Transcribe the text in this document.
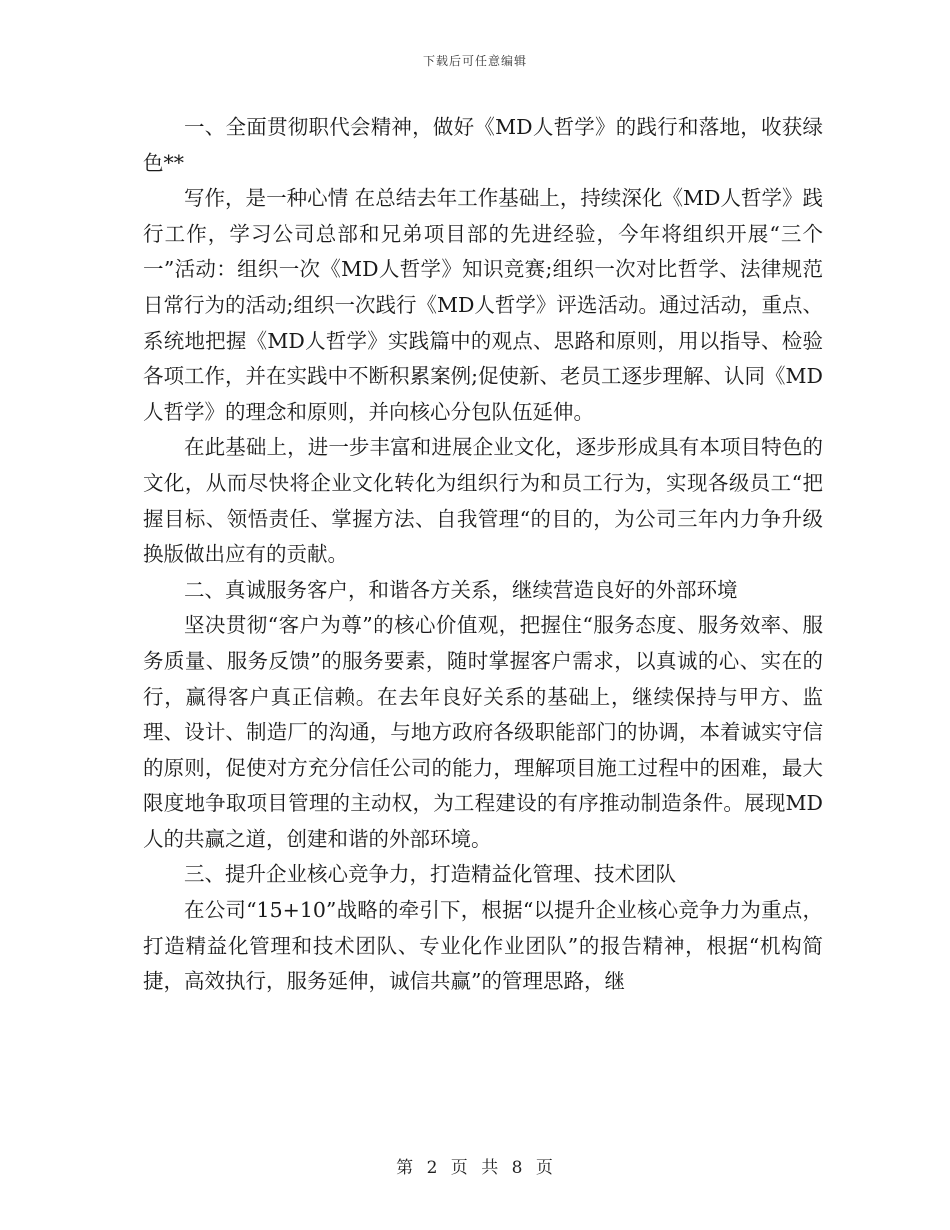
下载后可任意编辑

一、全面贯彻职代会精神，做好《MD人哲学》的践行和落地，收获绿色**

写作，是一种心情 在总结去年工作基础上，持续深化《MD人哲学》践行工作，学习公司总部和兄弟项目部的先进经验，今年将组织开展“三个一”活动：组织一次《MD人哲学》知识竞赛;组织一次对比哲学、法律规范日常行为的活动;组织一次践行《MD人哲学》评选活动。通过活动，重点、系统地把握《MD人哲学》实践篇中的观点、思路和原则，用以指导、检验各项工作，并在实践中不断积累案例;促使新、老员工逐步理解、认同《MD人哲学》的理念和原则，并向核心分包队伍延伸。

在此基础上，进一步丰富和进展企业文化，逐步形成具有本项目特色的文化，从而尽快将企业文化转化为组织行为和员工行为，实现各级员工“把握目标、领悟责任、掌握方法、自我管理“的目的，为公司三年内力争升级换版做出应有的贡献。

二、真诚服务客户，和谐各方关系，继续营造良好的外部环境

坚决贯彻“客户为尊”的核心价值观，把握住“服务态度、服务效率、服务质量、服务反馈”的服务要素，随时掌握客户需求，以真诚的心、实在的行，赢得客户真正信赖。在去年良好关系的基础上，继续保持与甲方、监理、设计、制造厂的沟通，与地方政府各级职能部门的协调，本着诚实守信的原则，促使对方充分信任公司的能力，理解项目施工过程中的困难，最大限度地争取项目管理的主动权，为工程建设的有序推动制造条件。展现MD人的共赢之道，创建和谐的外部环境。

三、提升企业核心竞争力，打造精益化管理、技术团队

在公司“15+10”战略的牵引下，根据“以提升企业核心竞争力为重点，打造精益化管理和技术团队、专业化作业团队”的报告精神，根据“机构简捷，高效执行，服务延伸，诚信共赢”的管理思路，继

第 2 页 共 8 页
